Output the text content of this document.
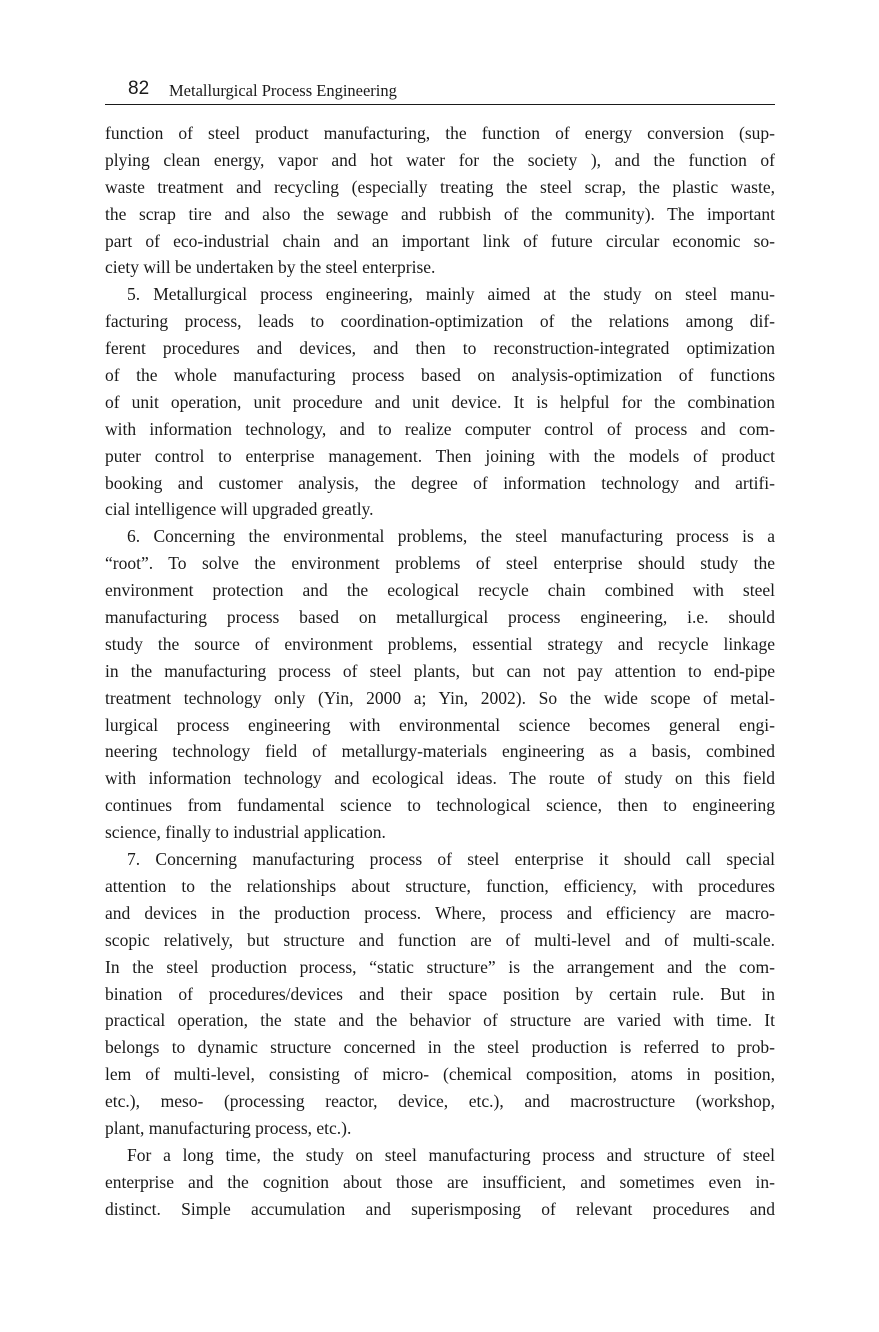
82 Metallurgical Process Engineering
function of steel product manufacturing, the function of energy conversion (sup-
plying clean energy, vapor and hot water for the society ), and the function of
waste treatment and recycling (especially treating the steel scrap, the plastic waste,
the scrap tire and also the sewage and rubbish of the community). The important
part of eco-industrial chain and an important link of future circular economic so-
ciety will be undertaken by the steel enterprise.
5. Metallurgical process engineering, mainly aimed at the study on steel manu-
facturing process, leads to coordination-optimization of the relations among dif-
ferent procedures and devices, and then to reconstruction-integrated optimization
of the whole manufacturing process based on analysis-optimization of functions
of unit operation, unit procedure and unit device. It is helpful for the combination
with information technology, and to realize computer control of process and com-
puter control to enterprise management. Then joining with the models of product
booking and customer analysis, the degree of information technology and artifi-
cial intelligence will upgraded greatly.
6. Concerning the environmental problems, the steel manufacturing process is a
“root”. To solve the environment problems of steel enterprise should study the
environment protection and the ecological recycle chain combined with steel
manufacturing process based on metallurgical process engineering, i.e. should
study the source of environment problems, essential strategy and recycle linkage
in the manufacturing process of steel plants, but can not pay attention to end-pipe
treatment technology only (Yin, 2000 a; Yin, 2002). So the wide scope of metal-
lurgical process engineering with environmental science becomes general engi-
neering technology field of metallurgy-materials engineering as a basis, combined
with information technology and ecological ideas. The route of study on this field
continues from fundamental science to technological science, then to engineering
science, finally to industrial application.
7. Concerning manufacturing process of steel enterprise it should call special
attention to the relationships about structure, function, efficiency, with procedures
and devices in the production process. Where, process and efficiency are macro-
scopic relatively, but structure and function are of multi-level and of multi-scale.
In the steel production process, “static structure” is the arrangement and the com-
bination of procedures/devices and their space position by certain rule. But in
practical operation, the state and the behavior of structure are varied with time. It
belongs to dynamic structure concerned in the steel production is referred to prob-
lem of multi-level, consisting of micro- (chemical composition, atoms in position,
etc.), meso- (processing reactor, device, etc.), and macrostructure (workshop,
plant, manufacturing process, etc.).
For a long time, the study on steel manufacturing process and structure of steel
enterprise and the cognition about those are insufficient, and sometimes even in-
distinct. Simple accumulation and superismposing of relevant procedures and
